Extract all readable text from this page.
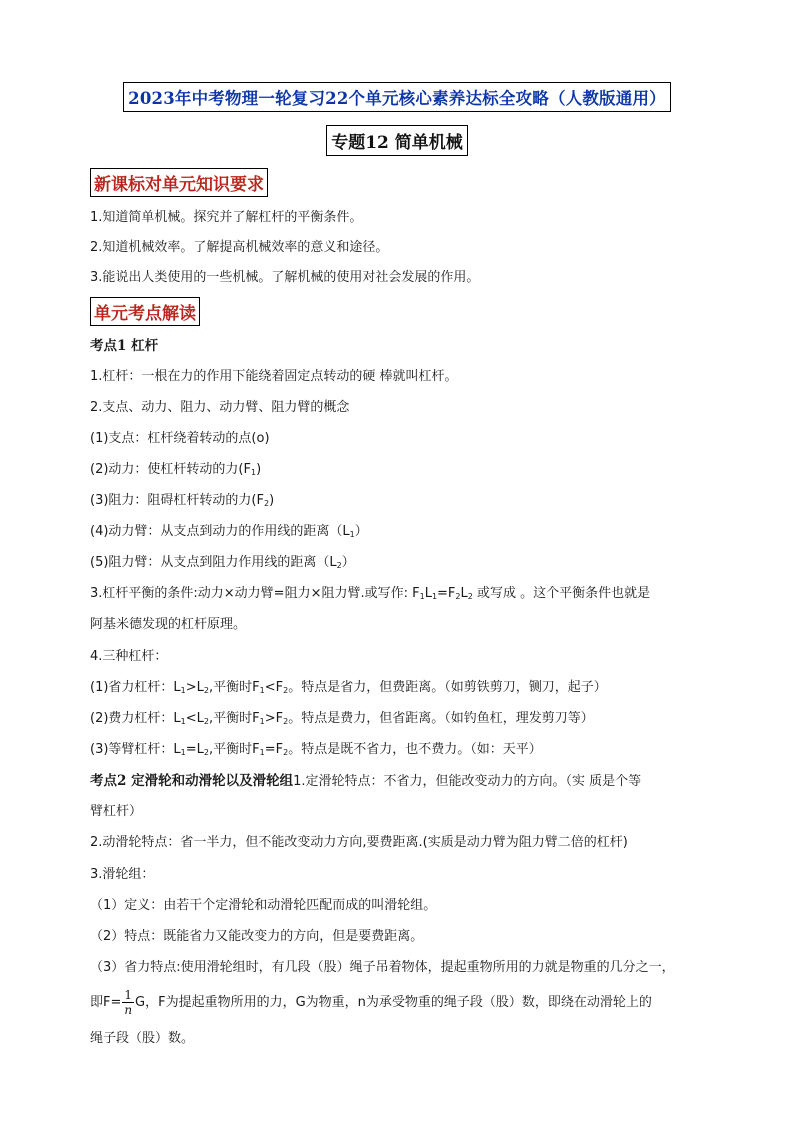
2023年中考物理一轮复习22个单元核心素养达标全攻略（人教版通用）
专题12 简单机械
新课标对单元知识要求
1.知道简单机械。探究并了解杠杆的平衡条件。
2.知道机械效率。了解提高机械效率的意义和途径。
3.能说出人类使用的一些机械。了解机械的使用对社会发展的作用。
单元考点解读
考点1 杠杆
1.杠杆：一根在力的作用下能绕着固定点转动的硬 棒就叫杠杆。
2.支点、动力、阻力、动力臂、阻力臂的概念
(1)支点：杠杆绕着转动的点(o)
(2)动力：使杠杆转动的力$(F_1)$
(3)阻力：阻碍杠杆转动的力$(F_2)$
(4)动力臂：从支点到动力的作用线的距离$(L_1)$
(5)阻力臂：从支点到阻力作用线的距离$(L_2)$
3.杠杆平衡的条件:动力×动力臂=阻力×阻力臂.或写作: $F_1L_1=F_2L_2$ 或写成 。这个平衡条件也就是
阿基米德发现的杠杆原理。
4.三种杠杆：
(1)省力杠杆：$L_1>L_2$,平衡时$F_1<F_2$。特点是省力，但费距离。（如剪铁剪刀，铡刀，起子）
(2)费力杠杆：$L_1<L_2$,平衡时$F_1>F_2$。特点是费力，但省距离。（如钓鱼杠，理发剪刀等）
(3)等臂杠杆：$L_1=L_2$,平衡时$F_1=F_2$。特点是既不省力，也不费力。（如：天平）
考点2 定滑轮和动滑轮以及滑轮组1.定滑轮特点：不省力，但能改变动力的方向。（实 质是个等
臂杠杆）
2.动滑轮特点：省一半力，但不能改变动力方向,要费距离.(实质是动力臂为阻力臂二倍的杠杆)
3.滑轮组：
（1）定义：由若干个定滑轮和动滑轮匹配而成的叫滑轮组。
（2）特点：既能省力又能改变力的方向，但是要费距离。
（3）省力特点:使用滑轮组时，有几段（股）绳子吊着物体，提起重物所用的力就是物重的几分之一，
即$F= \frac{1}{n}$ G，F为提起重物所用的力，G为物重，n为承受物重的绳子段（股）数，即绕在动滑轮上的
绳子段（股）数。
